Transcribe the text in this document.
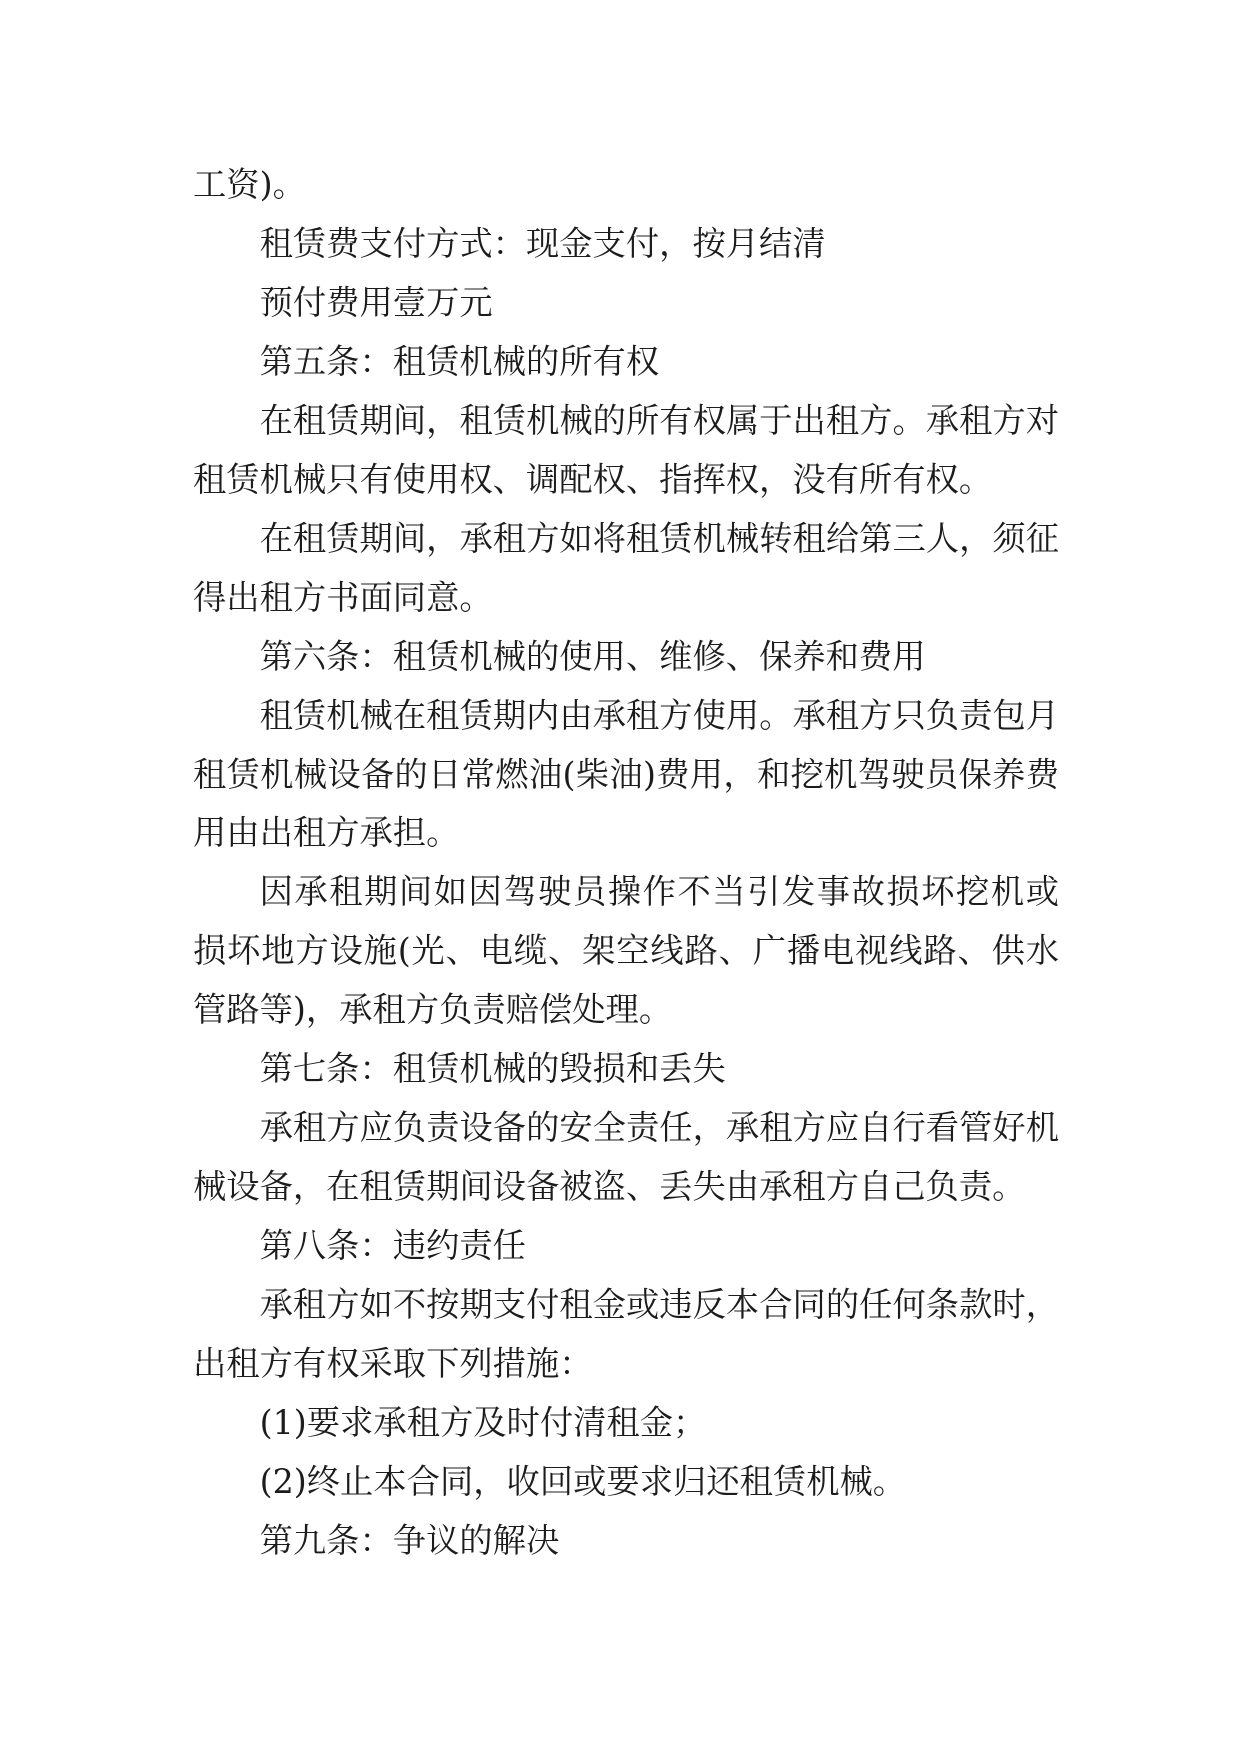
工资)。

租赁费支付方式：现金支付，按月结清

预付费用壹万元

第五条：租赁机械的所有权

在租赁期间，租赁机械的所有权属于出租方。承租方对
租赁机械只有使用权、调配权、指挥权，没有所有权。

在租赁期间，承租方如将租赁机械转租给第三人，须征
得出租方书面同意。

第六条：租赁机械的使用、维修、保养和费用

租赁机械在租赁期内由承租方使用。承租方只负责包月
租赁机械设备的日常燃油(柴油)费用，和挖机驾驶员保养费
用由出租方承担。

因承租期间如因驾驶员操作不当引发事故损坏挖机或
损坏地方设施(光、电缆、架空线路、广播电视线路、供水
管路等)，承租方负责赔偿处理。

第七条：租赁机械的毁损和丢失

承租方应负责设备的安全责任，承租方应自行看管好机
械设备，在租赁期间设备被盗、丢失由承租方自己负责。

第八条：违约责任

承租方如不按期支付租金或违反本合同的任何条款时，
出租方有权采取下列措施：

(1)要求承租方及时付清租金；

(2)终止本合同，收回或要求归还租赁机械。

第九条：争议的解决
